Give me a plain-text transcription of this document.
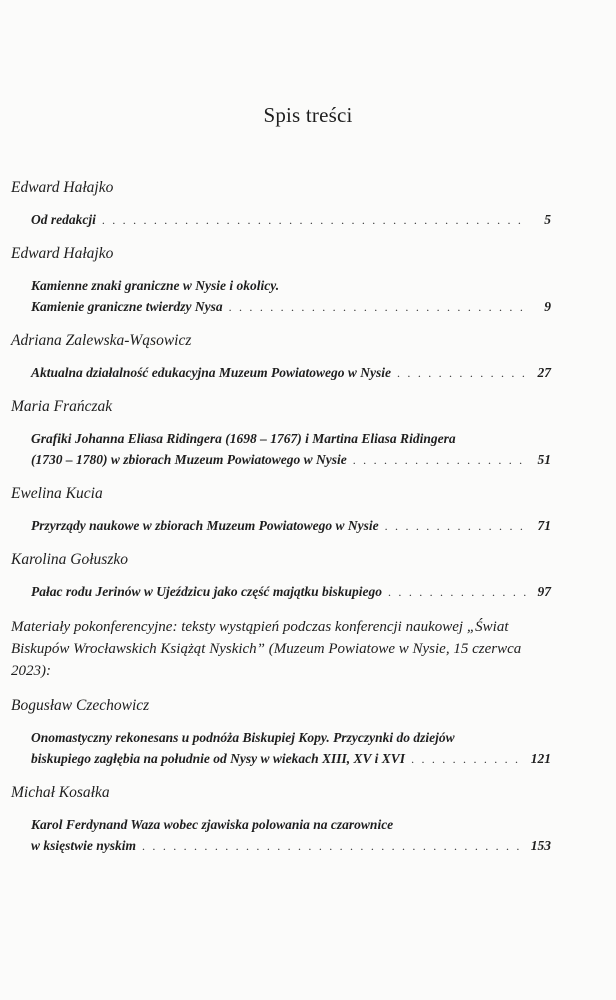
Spis treści
Edward Hałajko
Od redakcji . . .	5
Edward Hałajko
Kamienne znaki graniczne w Nysie i okolicy.
Kamienie graniczne twierdzy Nysa . . .	9
Adriana Zalewska-Wąsowicz
Aktualna działalność edukacyjna Muzeum Powiatowego w Nysie . . .	27
Maria Frańczak
Grafiki Johanna Eliasa Ridingera (1698 – 1767) i Martina Eliasa Ridingera
(1730 – 1780) w zbiorach Muzeum Powiatowego w Nysie . . .	51
Ewelina Kucia
Przyrządy naukowe w zbiorach Muzeum Powiatowego w Nysie . . .	71
Karolina Gołuszko
Pałac rodu Jerinów w Ujeździcu jako część majątku biskupiego . . .	97
Materiały pokonferencyjne: teksty wystąpień podczas konferencji naukowej „Świat
Biskupów Wrocławskich Książąt Nyskich” (Muzeum Powiatowe w Nysie, 15 czerwca 2023):
Bogusław Czechowicz
Onomastyczny rekonesans u podnóża Biskupiej Kopy. Przyczynki do dziejów
biskupiego zagłębia na południe od Nysy w wiekach XIII, XV i XVI . . .	121
Michał Kosałka
Karol Ferdynand Waza wobec zjawiska polowania na czarownice
w księstwie nyskim . . .	153
